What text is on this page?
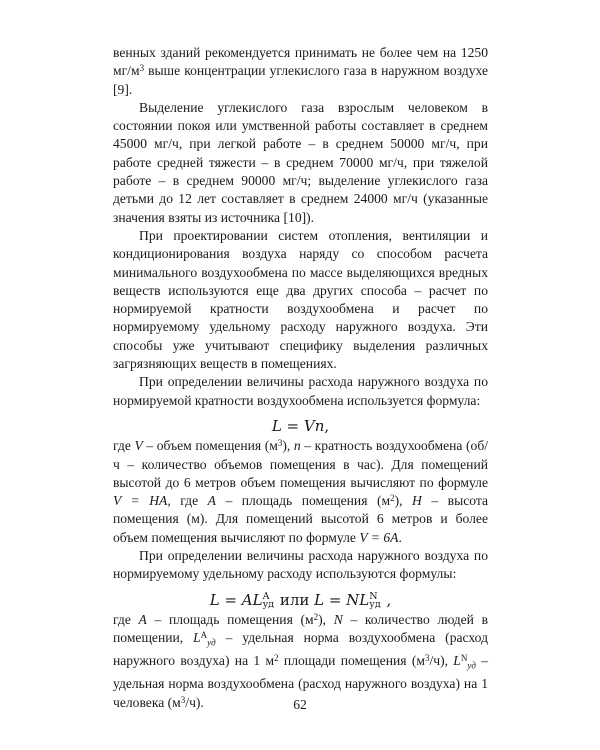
венных зданий рекомендуется принимать не более чем на 1250 $мг/м^3$ выше концентрации углекислого газа в наружном воздухе [9].

Выделение углекислого газа взрослым человеком в состоянии покоя или умственной работы составляет в среднем 45000 мг/ч, при легкой работе – в среднем 50000 мг/ч, при работе средней тяжести – в среднем 70000 мг/ч, при тяжелой работе – в среднем 90000 мг/ч; выделение углекислого газа детьми до 12 лет составляет в среднем 24000 мг/ч (указанные значения взяты из источника [10]).

При проектировании систем отопления, вентиляции и кондиционирования воздуха наряду со способом расчета минимального воздухообмена по массе выделяющихся вредных веществ используются еще два других способа – расчет по нормируемой кратности воздухообмена и расчет по нормируемому удельному расходу наружного воздуха. Эти способы уже учитывают специфику выделения различных загрязняющих веществ в помещениях.

При определении величины расхода наружного воздуха по нормируемой кратности воздухообмена используется формула:

L = Vn,

где V – объем помещения $(м^3)$, n – кратность воздухообмена (об/ч – количество объемов помещения в час). Для помещений высотой до 6 метров объем помещения вычисляют по формуле V = HA, где A – площадь помещения $(м^2)$, H – высота помещения (м). Для помещений высотой 6 метров и более объем помещения вычисляют по формуле V = 6A.

При определении величины расхода наружного воздуха по нормируемому удельному расходу используются формулы:

L = AL A
уд или L = NL N
уд ,

где A – площадь помещения $(м^2)$, N – количество людей в помещении, $L^A_{уд}$ – удельная норма воздухообмена (расход наружного воздуха) на 1 $м^2$ площади помещения $(м^3/ч)$, $L^N_{уд}$ – удельная норма воздухообмена (расход наружного воздуха) на 1 человека $(м^3/ч)$.	62
